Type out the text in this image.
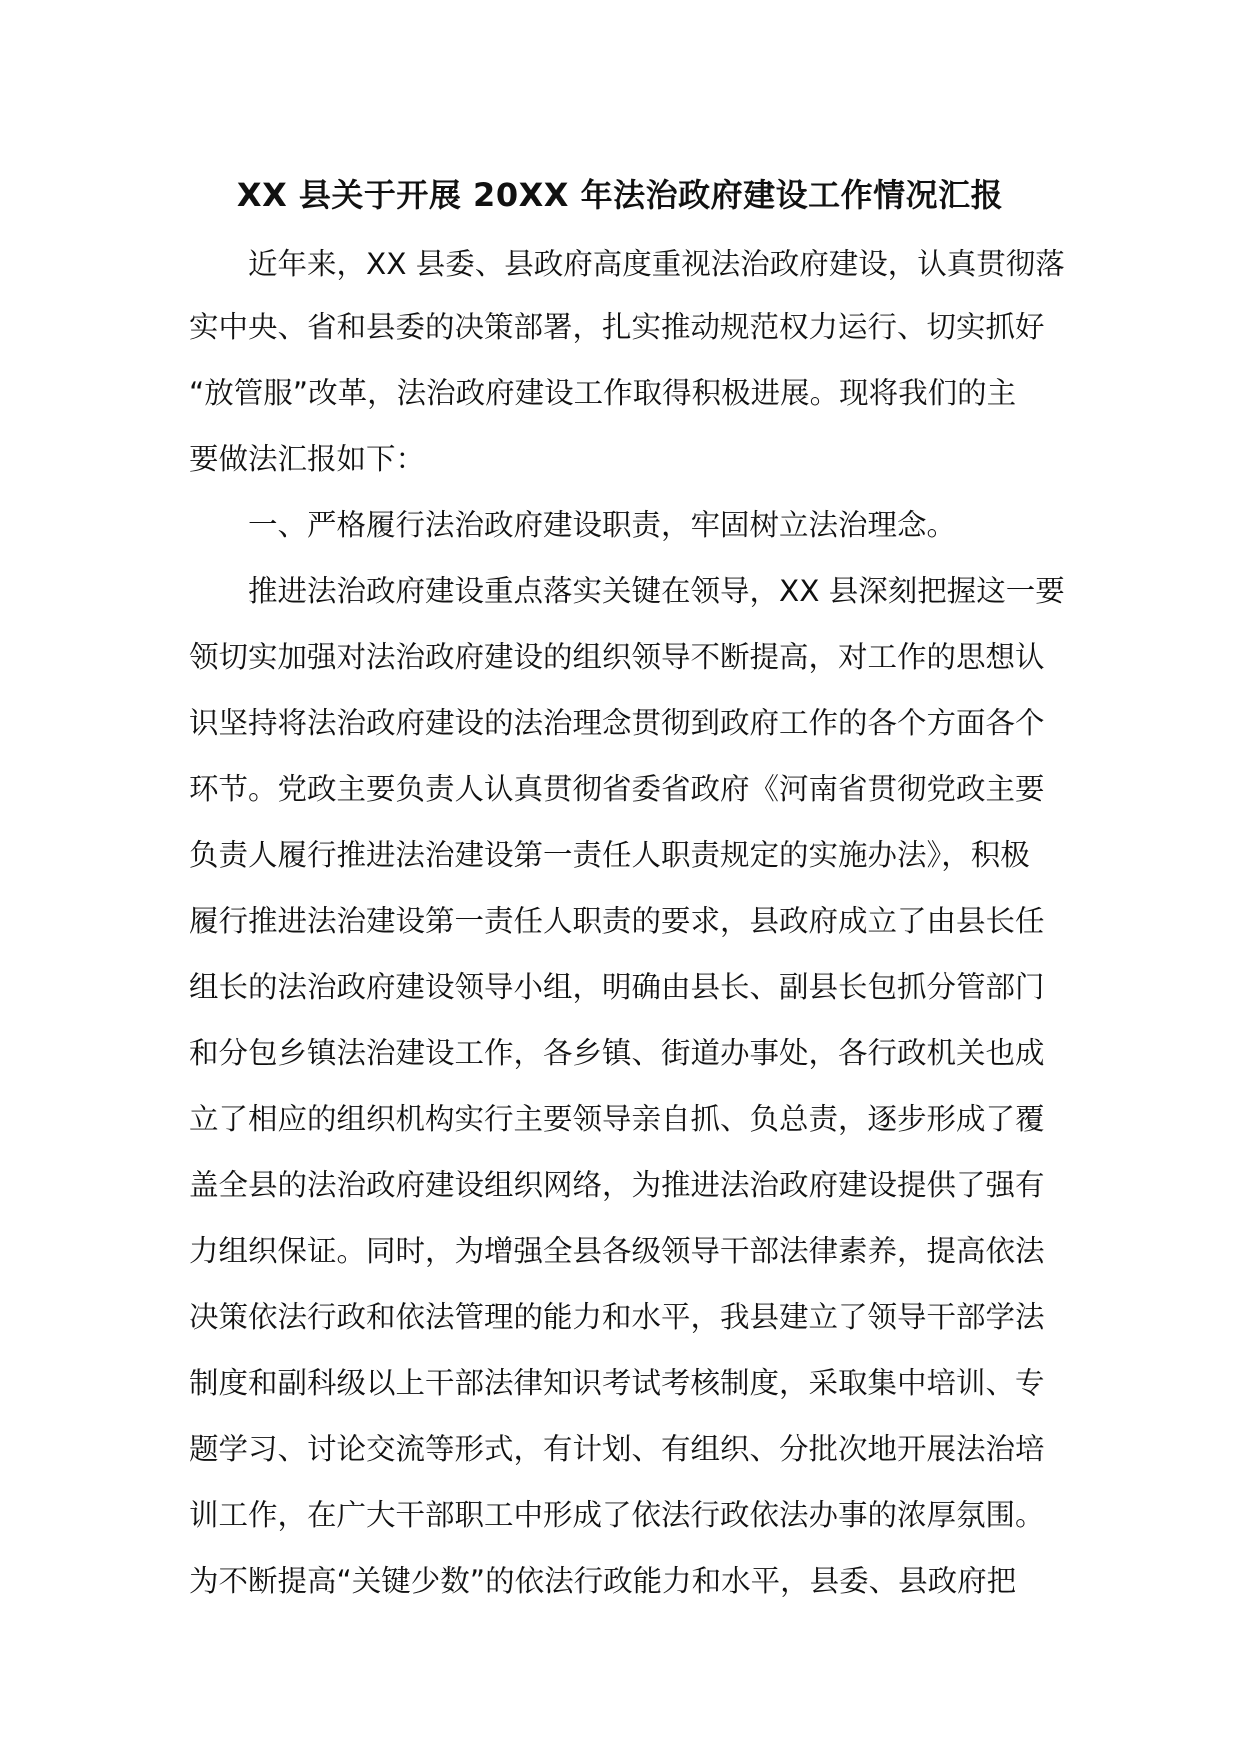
XX 县关于开展 20XX 年法治政府建设工作情况汇报

近年来，XX 县委、县政府高度重视法治政府建设，认真贯彻落

实中央、省和县委的决策部署，扎实推动规范权力运行、切实抓好

“放管服”改革，法治政府建设工作取得积极进展。现将我们的主

要做法汇报如下：

一、严格履行法治政府建设职责，牢固树立法治理念。

推进法治政府建设重点落实关键在领导，XX 县深刻把握这一要

领切实加强对法治政府建设的组织领导不断提高，对工作的思想认

识坚持将法治政府建设的法治理念贯彻到政府工作的各个方面各个

环节。党政主要负责人认真贯彻省委省政府《河南省贯彻党政主要

负责人履行推进法治建设第一责任人职责规定的实施办法》，积极

履行推进法治建设第一责任人职责的要求，县政府成立了由县长任

组长的法治政府建设领导小组，明确由县长、副县长包抓分管部门

和分包乡镇法治建设工作，各乡镇、街道办事处，各行政机关也成

立了相应的组织机构实行主要领导亲自抓、负总责，逐步形成了覆

盖全县的法治政府建设组织网络，为推进法治政府建设提供了强有

力组织保证。同时，为增强全县各级领导干部法律素养，提高依法

决策依法行政和依法管理的能力和水平，我县建立了领导干部学法

制度和副科级以上干部法律知识考试考核制度，采取集中培训、专

题学习、讨论交流等形式，有计划、有组织、分批次地开展法治培

训工作，在广大干部职工中形成了依法行政依法办事的浓厚氛围。

为不断提高“关键少数”的依法行政能力和水平，县委、县政府把
